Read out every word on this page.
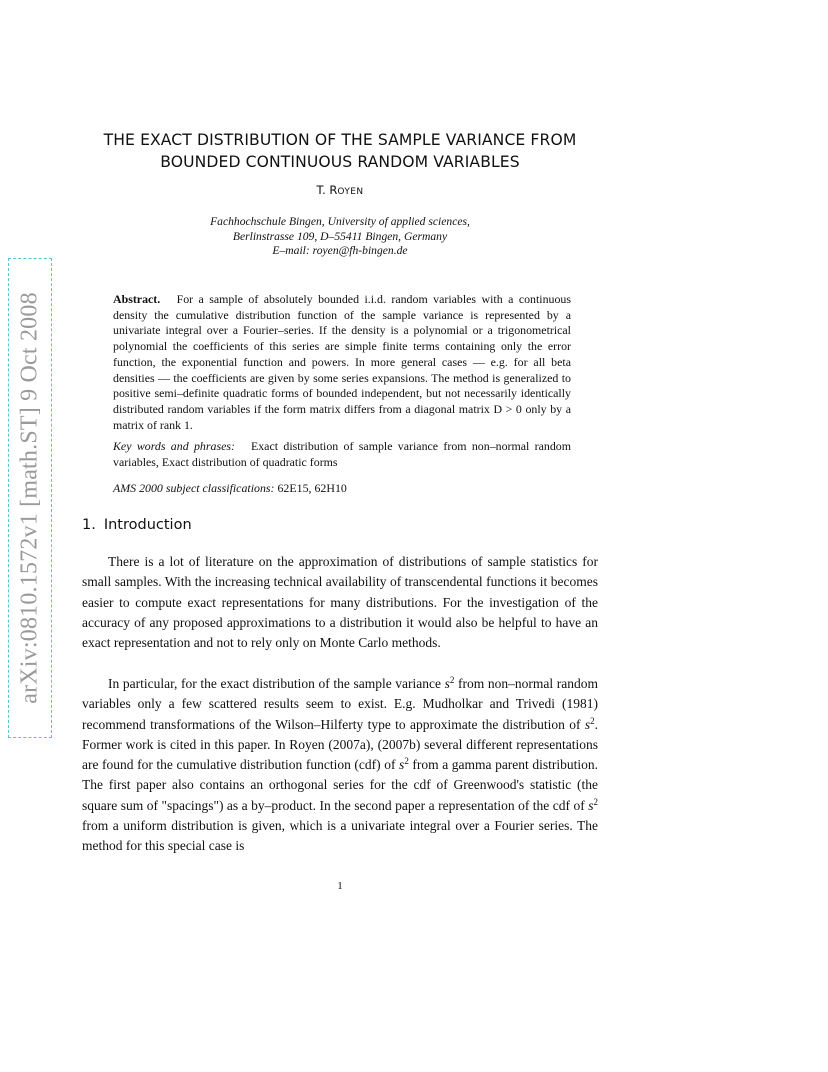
arXiv:0810.1572v1 [math.ST] 9 Oct 2008
THE EXACT DISTRIBUTION OF THE SAMPLE VARIANCE FROM
BOUNDED CONTINUOUS RANDOM VARIABLES
T. ROYEN
Fachhochschule Bingen, University of applied sciences,
Berlinstrasse 109, D–55411 Bingen, Germany
E–mail: royen@fh-bingen.de
Abstract. For a sample of absolutely bounded i.i.d. random variables with a continuous density the cumulative distribution function of the sample variance is represented by a univariate integral over a Fourier–series. If the density is a polynomial or a trigonometrical polynomial the coefficients of this series are simple finite terms containing only the error function, the exponential function and powers. In more general cases — e.g. for all beta densities — the coefficients are given by some series expansions. The method is generalized to positive semi–definite quadratic forms of bounded independent, but not necessarily identically distributed random variables if the form matrix differs from a diagonal matrix D > 0 only by a matrix of rank 1.
Key words and phrases: Exact distribution of sample variance from non–normal random variables, Exact distribution of quadratic forms
AMS 2000 subject classifications: 62E15, 62H10
1. Introduction
There is a lot of literature on the approximation of distributions of sample statistics for small samples. With the increasing technical availability of transcendental functions it becomes easier to compute exact representations for many distributions. For the investigation of the accuracy of any proposed approximations to a distribution it would also be helpful to have an exact representation and not to rely only on Monte Carlo methods.
In particular, for the exact distribution of the sample variance $s^2$ from non–normal random variables only a few scattered results seem to exist. E.g. Mudholkar and Trivedi (1981) recommend transformations of the Wilson–Hilferty type to approximate the distribution of $s^2$. Former work is cited in this paper. In Royen (2007a), (2007b) several different representations are found for the cumulative distribution function (cdf) of $s^2$ from a gamma parent distribution. The first paper also contains an orthogonal series for the cdf of Greenwood's statistic (the square sum of "spacings") as a by–product. In the second paper a representation of the cdf of $s^2$ from a uniform distribution is given, which is a univariate integral over a Fourier series. The method for this special case is
1
